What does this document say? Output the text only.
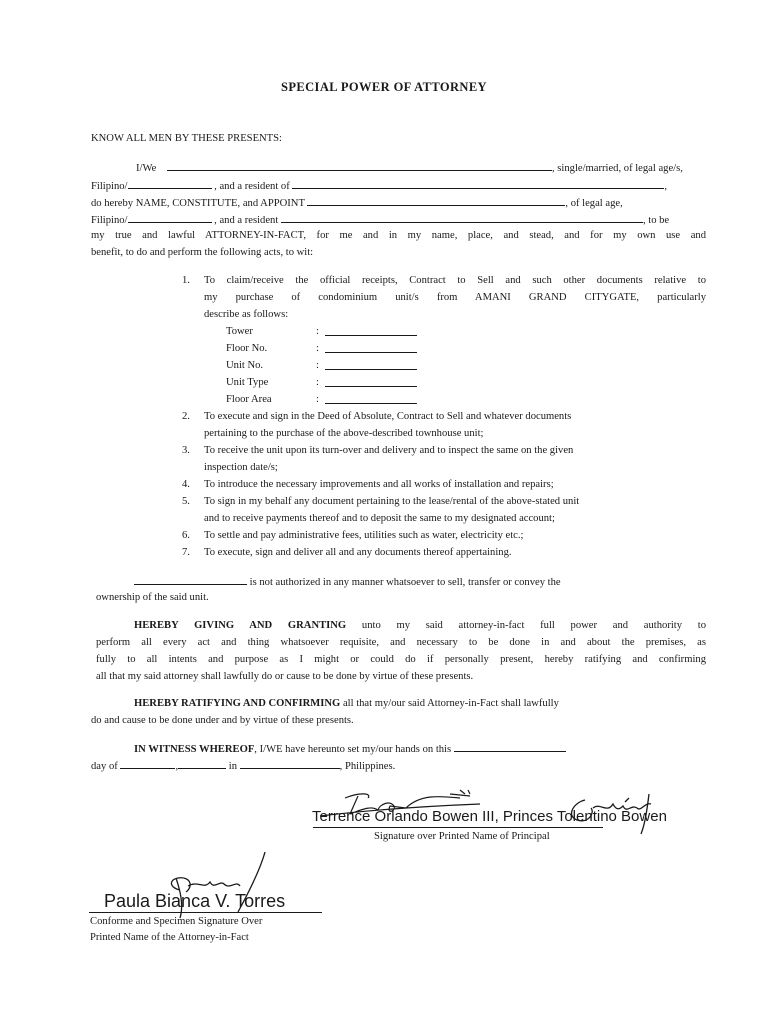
SPECIAL POWER OF ATTORNEY
KNOW ALL MEN BY THESE PRESENTS:
I/We	, single/married, of legal age/s,
Filipino/	, and a resident of	,
do hereby NAME, CONSTITUTE, and APPOINT	, of legal age,
Filipino/	, and a resident	, to be
my true and lawful ATTORNEY-IN-FACT, for me and in my name, place, and stead, and for my own use and
benefit, to do and perform the following acts, to wit:
1.	To claim/receive the official receipts, Contract to Sell and such other documents relative to
my purchase of condominium unit/s from AMANI GRAND CITYGATE, particularly
describe as follows:
Tower	:
Floor No.	:
Unit No.	:
Unit Type	:
Floor Area	:
2.	To execute and sign in the Deed of Absolute, Contract to Sell and whatever documents
pertaining to the purchase of the above-described townhouse unit;
3.	To receive the unit upon its turn-over and delivery and to inspect the same on the given
inspection date/s;
4.	To introduce the necessary improvements and all works of installation and repairs;
5.	To sign in my behalf any document pertaining to the lease/rental of the above-stated unit
and to receive payments thereof and to deposit the same to my designated account;
6.	To settle and pay administrative fees, utilities such as water, electricity etc.;
7.	To execute, sign and deliver all and any documents thereof appertaining.
is not authorized in any manner whatsoever to sell, transfer or convey the
ownership of the said unit.
HEREBY GIVING AND GRANTING unto my said attorney-in-fact full power and authority to
perform all every act and thing whatsoever requisite, and necessary to be done in and about the premises, as
fully to all intents and purpose as I might or could do if personally present, hereby ratifying and confirming
all that my said attorney shall lawfully do or cause to be done by virtue of these presents.
HEREBY RATIFYING AND CONFIRMING all that my/our said Attorney-in-Fact shall lawfully
do and cause to be done under and by virtue of these presents.
IN WITNESS WHEREOF, I/WE have hereunto set my/our hands on this
day of	,	in	, Philippines.
Terrence Orlando Bowen III, Princes Tolentino Bowen
Signature over Printed Name of Principal
Paula Bianca V. Torres
Conforme and Specimen Signature Over
Printed Name of the Attorney-in-Fact
